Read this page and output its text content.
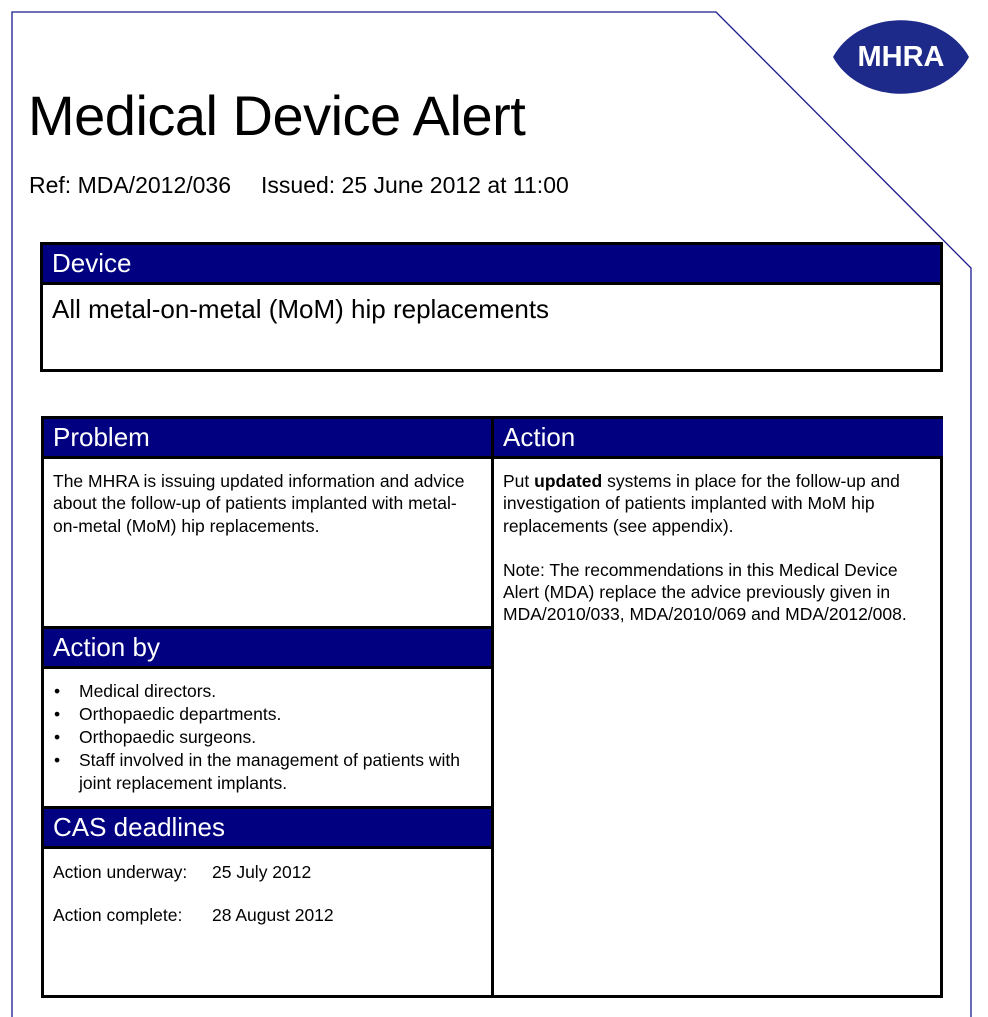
MHRA
Medical Device Alert
Ref: MDA/2012/036 Issued: 25 June 2012 at 11:00
Device
All metal-on-metal (MoM) hip replacements
Problem
The MHRA is issuing updated information and advice about the follow-up of patients implanted with metal-on-metal (MoM) hip replacements.
Action by
• Medical directors.
• Orthopaedic departments.
• Orthopaedic surgeons.
• Staff involved in the management of patients with joint replacement implants.
CAS deadlines
Action underway: 25 July 2012
Action complete: 28 August 2012
Action
Put updated systems in place for the follow-up and investigation of patients implanted with MoM hip replacements (see appendix).
Note: The recommendations in this Medical Device Alert (MDA) replace the advice previously given in MDA/2010/033, MDA/2010/069 and MDA/2012/008.
